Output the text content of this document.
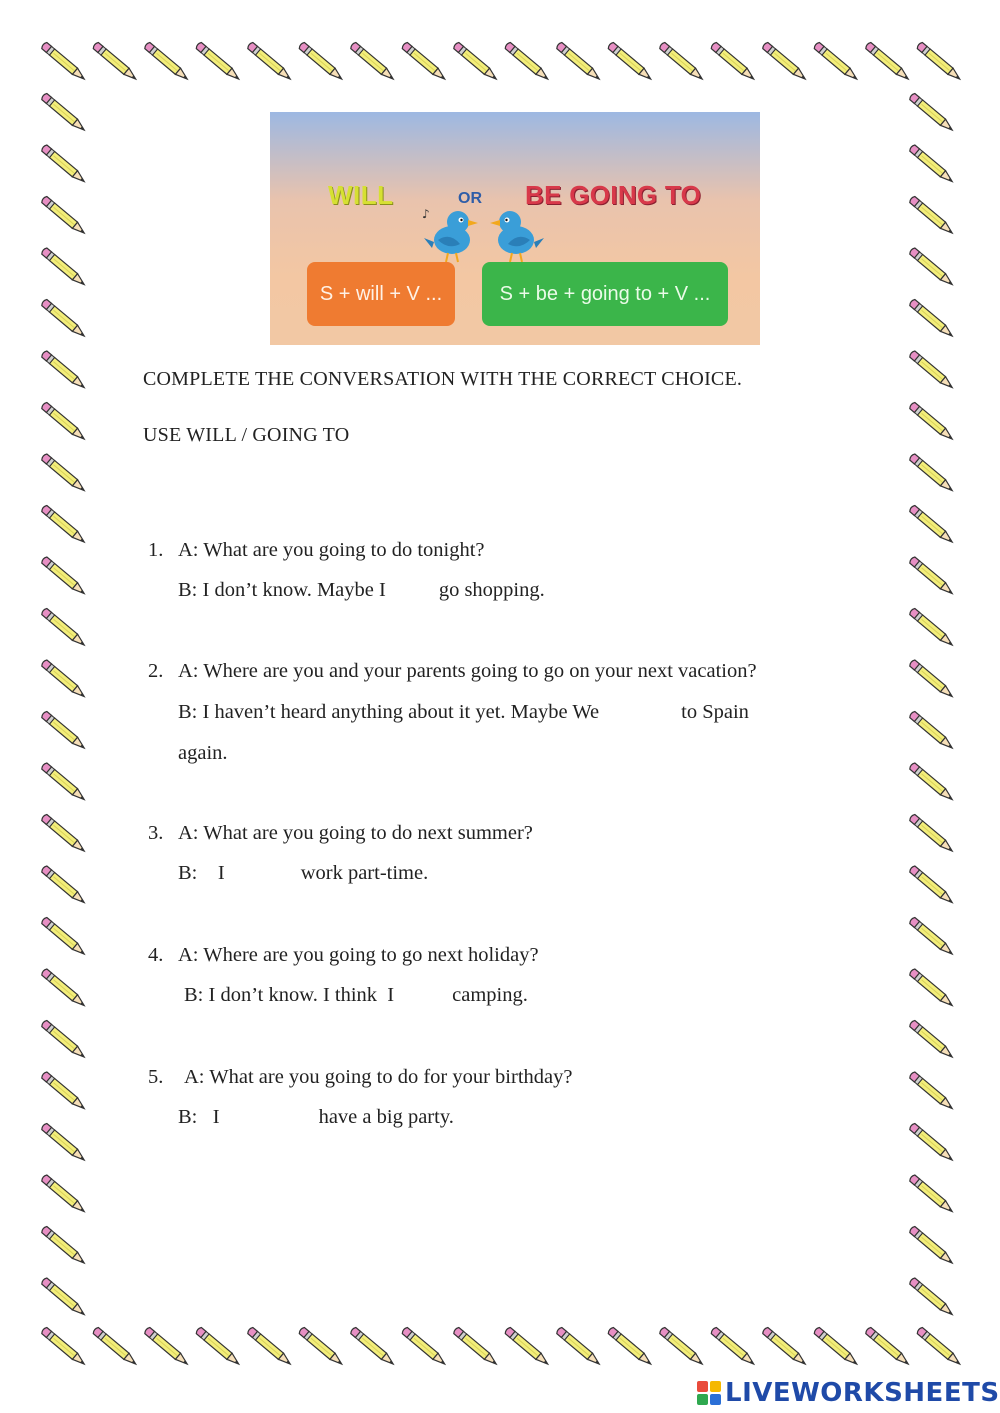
WILL	OR BE GOING TO
♪
S + will + V ...	S + be + going to + V ...
COMPLETE THE CONVERSATION WITH THE CORRECT CHOICE.
USE WILL / GOING TO
1. A: What are you going to do tonight?
B: I don’t know. Maybe I	go shopping.
2. A: Where are you and your parents going to go on your next vacation?
B: I haven’t heard anything about it yet. Maybe We	to Spain
again.
3. A: What are you going to do next summer?
B:    I	work part-time.
4. A: Where are you going to go next holiday?
B: I don’t know. I think  I	camping.
5. A: What are you going to do for your birthday?
B:   I	have a big party.
LIVEWORKSHEETS
